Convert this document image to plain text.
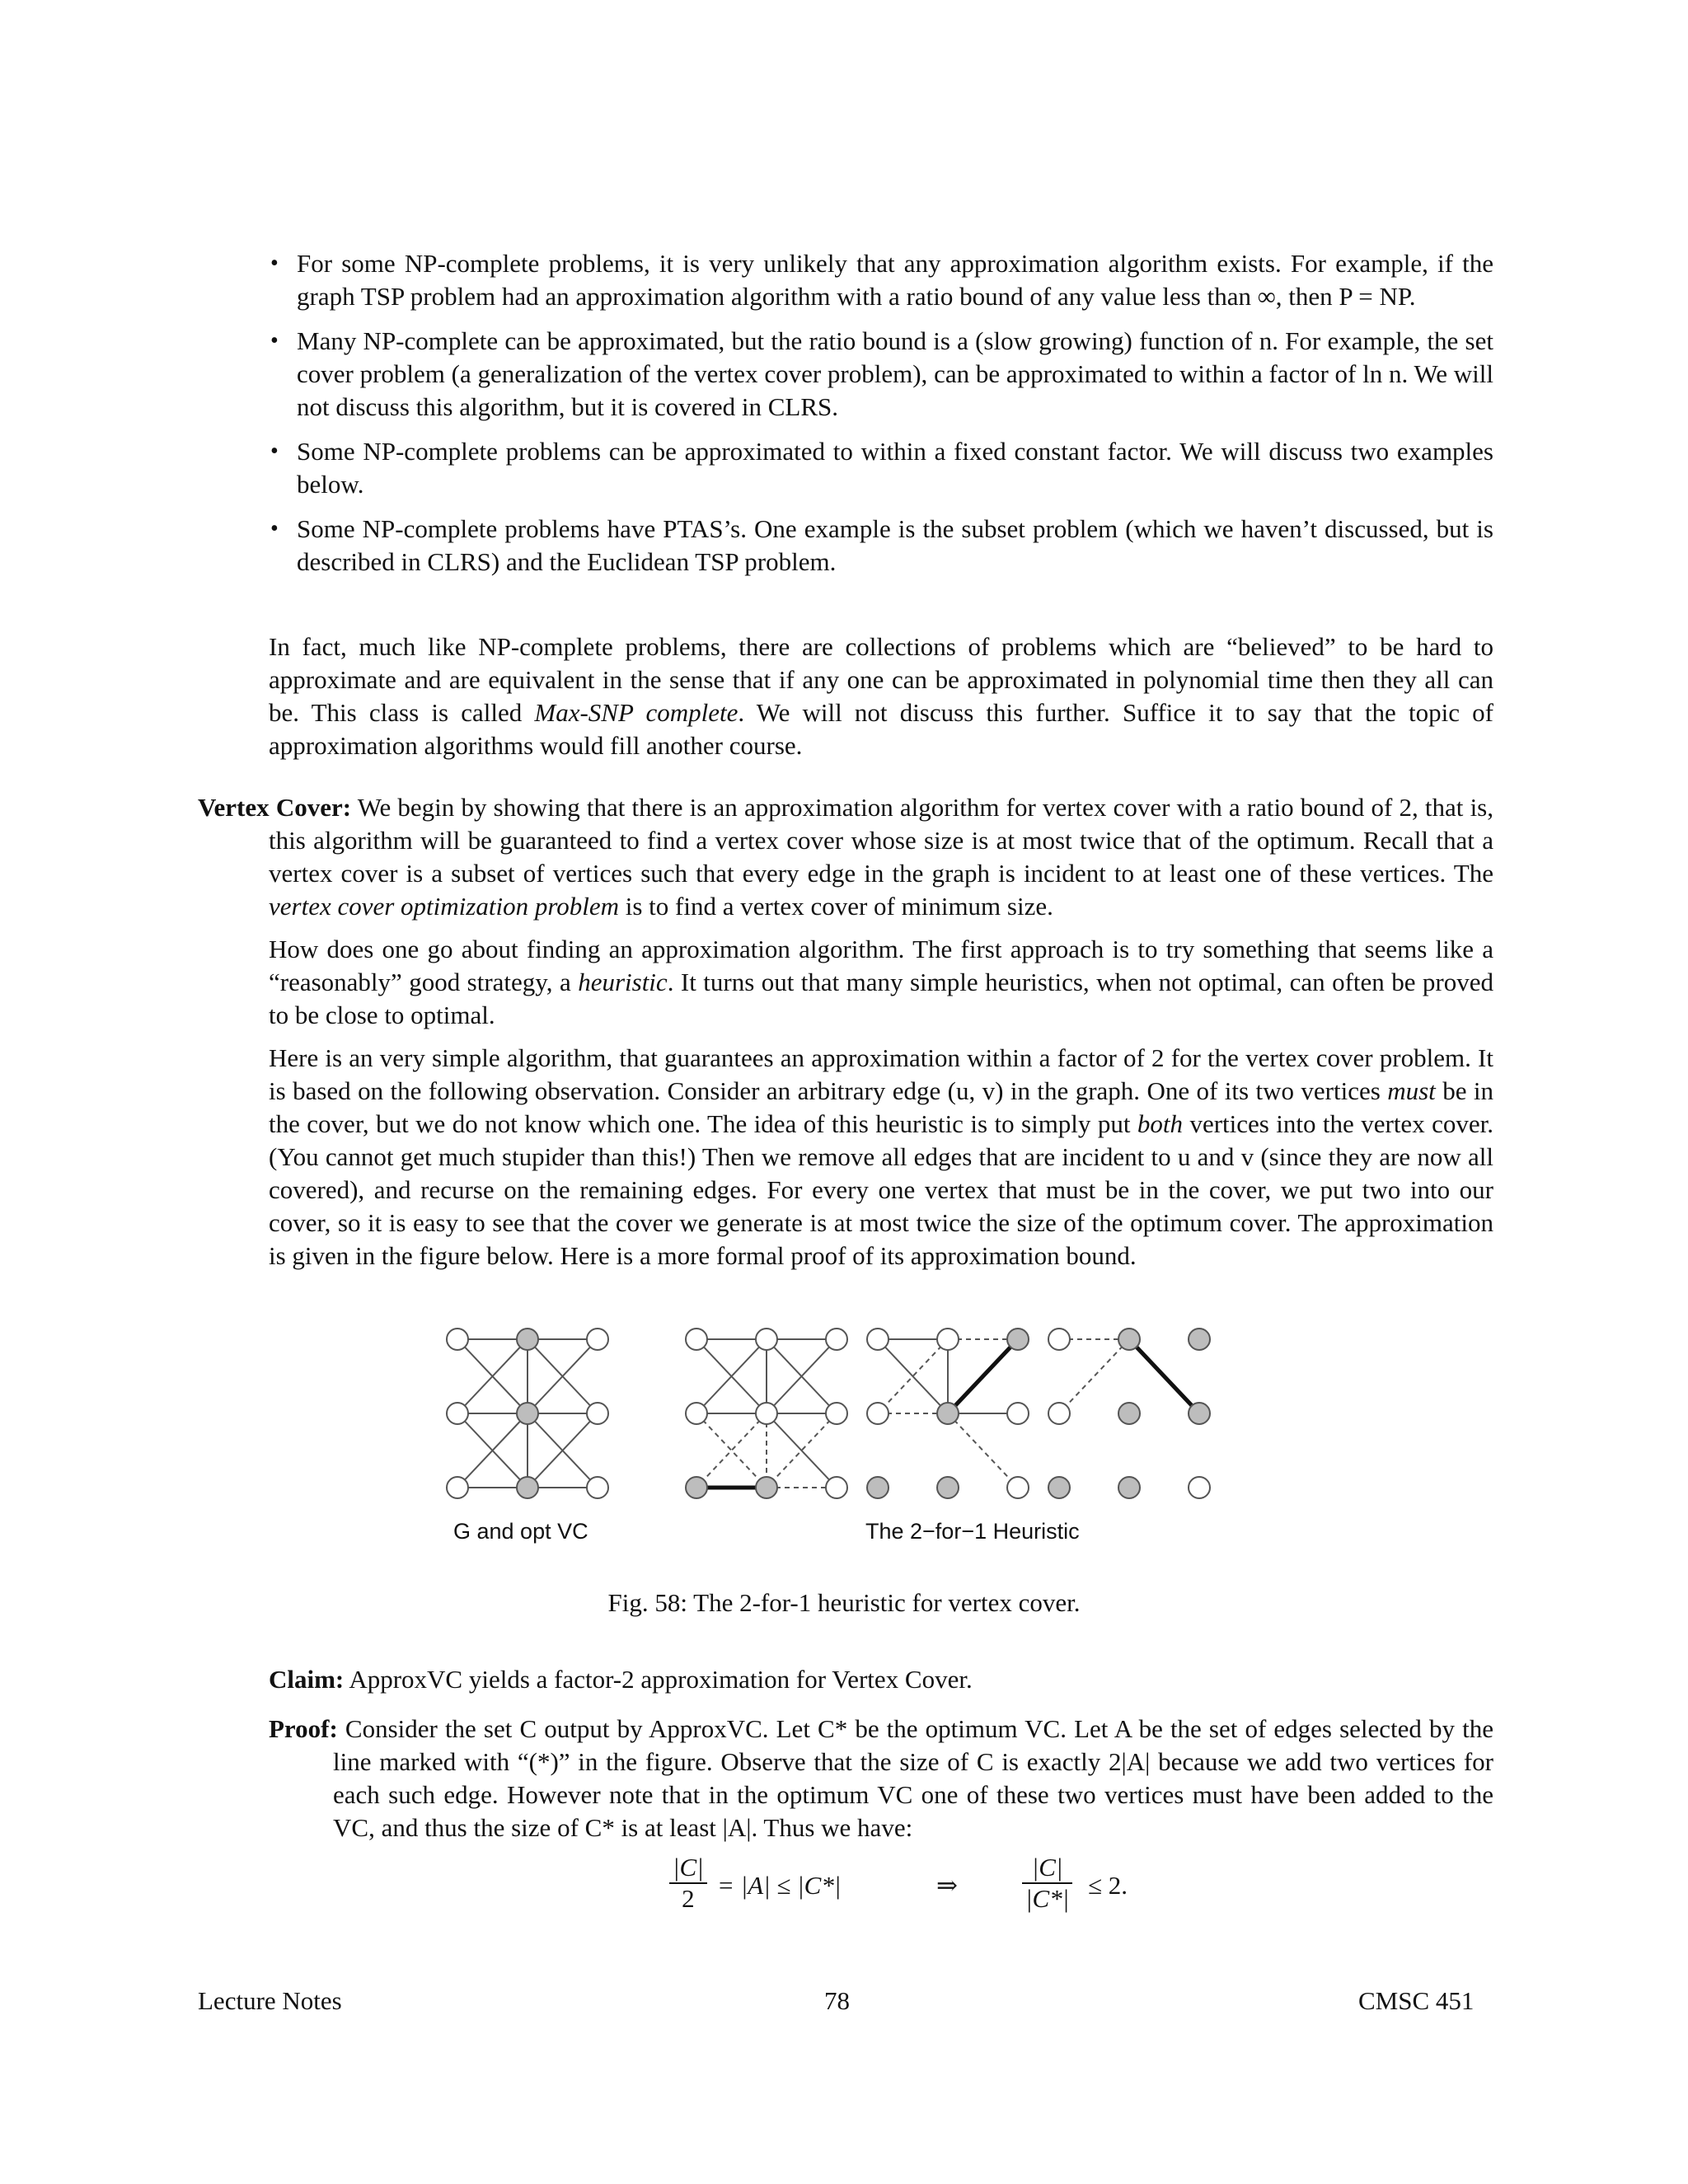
• For some NP-complete problems, it is very unlikely that any approximation algorithm exists. For example, if the graph TSP problem had an approximation algorithm with a ratio bound of any value less than ∞, then P = NP.
• Many NP-complete can be approximated, but the ratio bound is a (slow growing) function of n. For example, the set cover problem (a generalization of the vertex cover problem), can be approximated to within a factor of ln n. We will not discuss this algorithm, but it is covered in CLRS.
• Some NP-complete problems can be approximated to within a fixed constant factor. We will discuss two examples below.
• Some NP-complete problems have PTAS’s. One example is the subset problem (which we haven’t discussed, but is described in CLRS) and the Euclidean TSP problem.
In fact, much like NP-complete problems, there are collections of problems which are “believed” to be hard to approximate and are equivalent in the sense that if any one can be approximated in polynomial time then they all can be. This class is called Max-SNP complete. We will not discuss this further. Suffice it to say that the topic of approximation algorithms would fill another course.
Vertex Cover: We begin by showing that there is an approximation algorithm for vertex cover with a ratio bound of 2, that is, this algorithm will be guaranteed to find a vertex cover whose size is at most twice that of the optimum. Recall that a vertex cover is a subset of vertices such that every edge in the graph is incident to at least one of these vertices. The vertex cover optimization problem is to find a vertex cover of minimum size.
How does one go about finding an approximation algorithm. The first approach is to try something that seems like a “reasonably” good strategy, a heuristic. It turns out that many simple heuristics, when not optimal, can often be proved to be close to optimal.
Here is an very simple algorithm, that guarantees an approximation within a factor of 2 for the vertex cover problem. It is based on the following observation. Consider an arbitrary edge (u, v) in the graph. One of its two vertices must be in the cover, but we do not know which one. The idea of this heuristic is to simply put both vertices into the vertex cover. (You cannot get much stupider than this!) Then we remove all edges that are incident to u and v (since they are now all covered), and recurse on the remaining edges. For every one vertex that must be in the cover, we put two into our cover, so it is easy to see that the cover we generate is at most twice the size of the optimum cover. The approximation is given in the figure below. Here is a more formal proof of its approximation bound.
G and opt VC	The 2−for−1 Heuristic
Fig. 58: The 2-for-1 heuristic for vertex cover.
Claim: ApproxVC yields a factor-2 approximation for Vertex Cover.
Proof: Consider the set C output by ApproxVC. Let C* be the optimum VC. Let A be the set of edges selected by the line marked with “(*)” in the figure. Observe that the size of C is exactly 2|A| because we add two vertices for each such edge. However note that in the optimum VC one of these two vertices must have been added to the VC, and thus the size of C* is at least |A|. Thus we have:
$\frac{|C|}{2} = |A| \le |C*|$	⇒	$\frac{|C|}{|C*|} \le 2$.
Lecture Notes	78	CMSC 451
